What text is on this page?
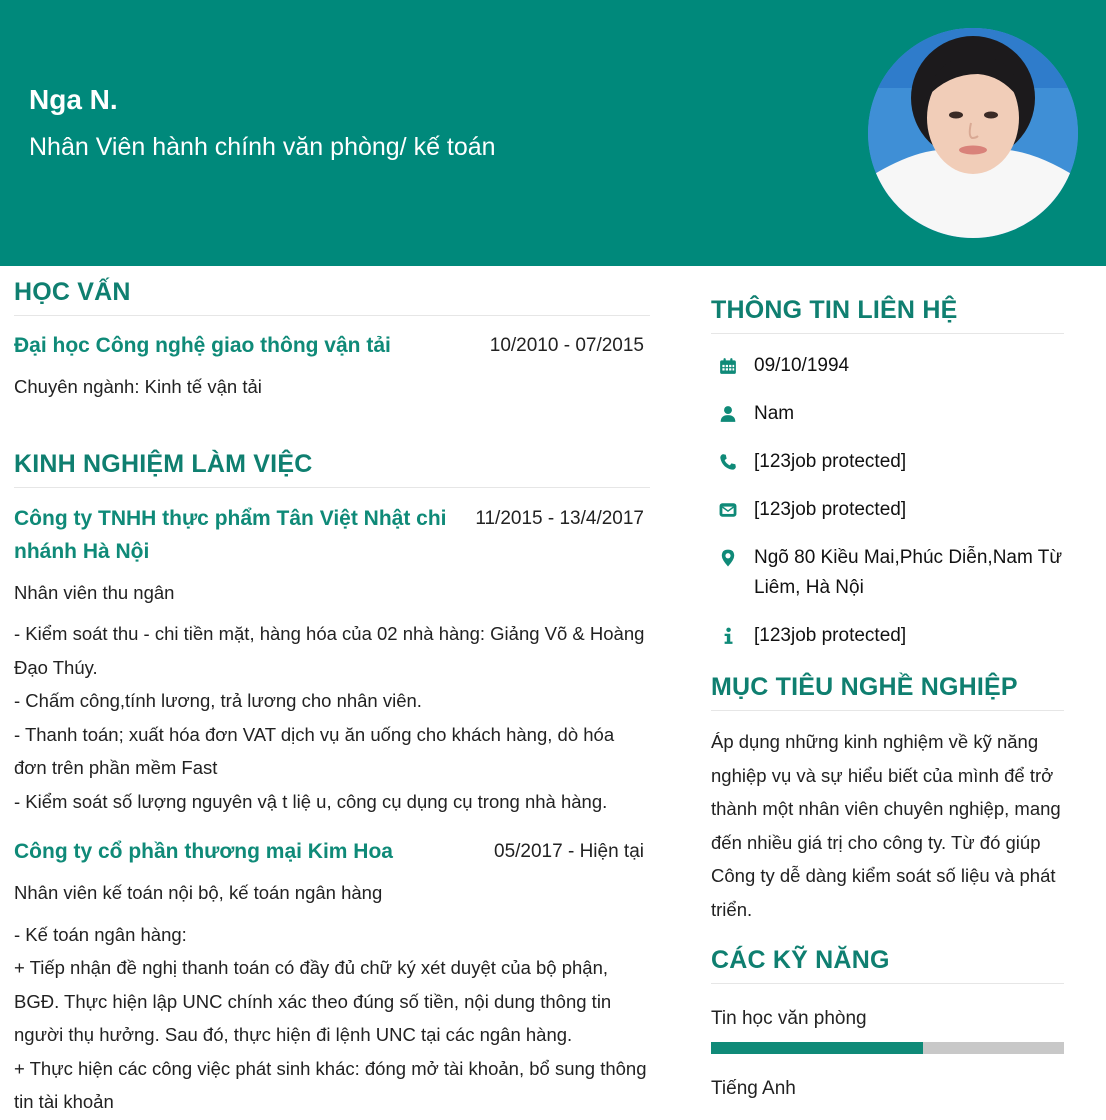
Nga N.
Nhân Viên hành chính văn phòng/ kế toán
HỌC VẤN
Đại học Công nghệ giao thông vận tải	10/2010 - 07/2015
Chuyên ngành: Kinh tế vận tải
KINH NGHIỆM LÀM VIỆC
Công ty TNHH thực phẩm Tân Việt Nhật chi nhánh Hà Nội
11/2015 - 13/4/2017
Nhân viên thu ngân
- Kiểm soát thu - chi tiền mặt, hàng hóa của 02 nhà hàng: Giảng Võ & Hoàng Đạo Thúy.
- Chấm công,tính lương, trả lương cho nhân viên.
- Thanh toán; xuất hóa đơn VAT dịch vụ ăn uống cho khách hàng, dò hóa đơn trên phần mềm Fast
- Kiểm soát số lượng nguyên vậ t liệ u, công cụ dụng cụ trong nhà hàng.
Công ty cổ phần thương mại Kim Hoa	05/2017 - Hiện tại
Nhân viên kế toán nội bộ, kế toán ngân hàng
- Kế toán ngân hàng:
+ Tiếp nhận đề nghị thanh toán có đầy đủ chữ ký xét duyệt của bộ phận, BGĐ. Thực hiện lập UNC chính xác theo đúng số tiền, nội dung thông tin người thụ hưởng. Sau đó, thực hiện đi lệnh UNC tại các ngân hàng.
+ Thực hiện các công việc phát sinh khác: đóng mở tài khoản, bổ sung thông tin tài khoản
THÔNG TIN LIÊN HỆ
09/10/1994
Nam
[123job protected]
[123job protected]
Ngõ 80 Kiều Mai,Phúc Diễn,Nam Từ Liêm, Hà Nội
[123job protected]
MỤC TIÊU NGHỀ NGHIỆP
Áp dụng những kinh nghiệm về kỹ năng nghiệp vụ và sự hiểu biết của mình để trở thành một nhân viên chuyên nghiệp, mang đến nhiều giá trị cho công ty. Từ đó giúp Công ty dễ dàng kiểm soát số liệu và phát triển.
CÁC KỸ NĂNG
Tin học văn phòng
Tiếng Anh
